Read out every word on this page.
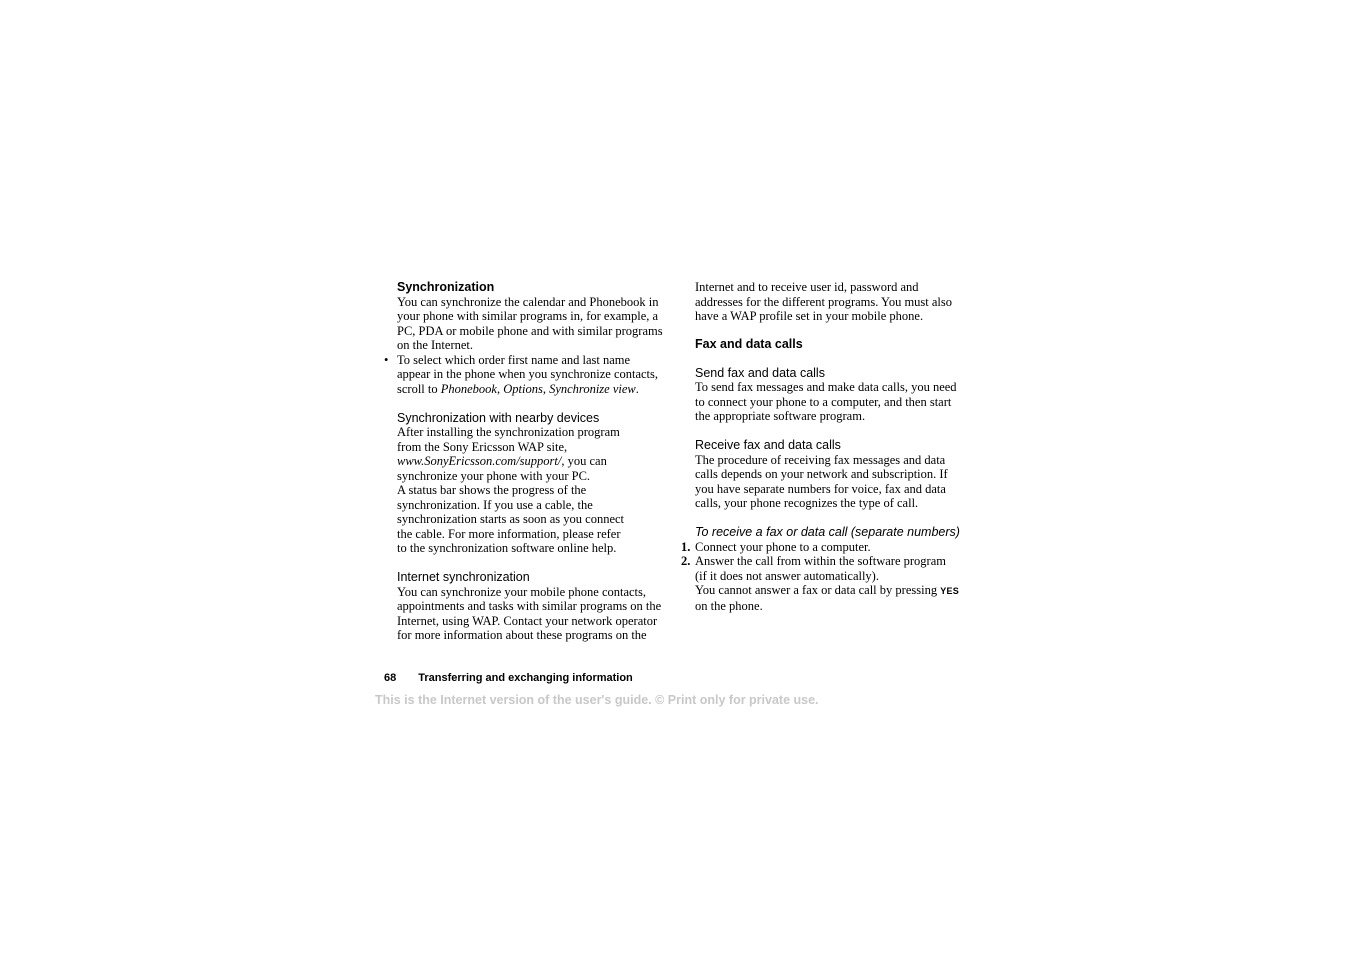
Synchronization

You can synchronize the calendar and Phonebook in
your phone with similar programs in, for example, a
PC, PDA or mobile phone and with similar programs
on the Internet.

• To select which order first name and last name
appear in the phone when you synchronize contacts,
scroll to Phonebook, Options, Synchronize view.

Synchronization with nearby devices

After installing the synchronization program
from the Sony Ericsson WAP site,
www.SonyEricsson.com/support/, you can
synchronize your phone with your PC.

A status bar shows the progress of the
synchronization. If you use a cable, the
synchronization starts as soon as you connect
the cable. For more information, please refer
to the synchronization software online help.

Internet synchronization

You can synchronize your mobile phone contacts,
appointments and tasks with similar programs on the
Internet, using WAP. Contact your network operator
for more information about these programs on the

Internet and to receive user id, password and
addresses for the different programs. You must also
have a WAP profile set in your mobile phone.

Fax and data calls

Send fax and data calls

To send fax messages and make data calls, you need
to connect your phone to a computer, and then start
the appropriate software program.

Receive fax and data calls

The procedure of receiving fax messages and data
calls depends on your network and subscription. If
you have separate numbers for voice, fax and data
calls, your phone recognizes the type of call.

To receive a fax or data call (separate numbers)

1. Connect your phone to a computer.

2. Answer the call from within the software program
(if it does not answer automatically).

You cannot answer a fax or data call by pressing YES
on the phone.

68 Transferring and exchanging information
This is the Internet version of the user's guide. © Print only for private use.
